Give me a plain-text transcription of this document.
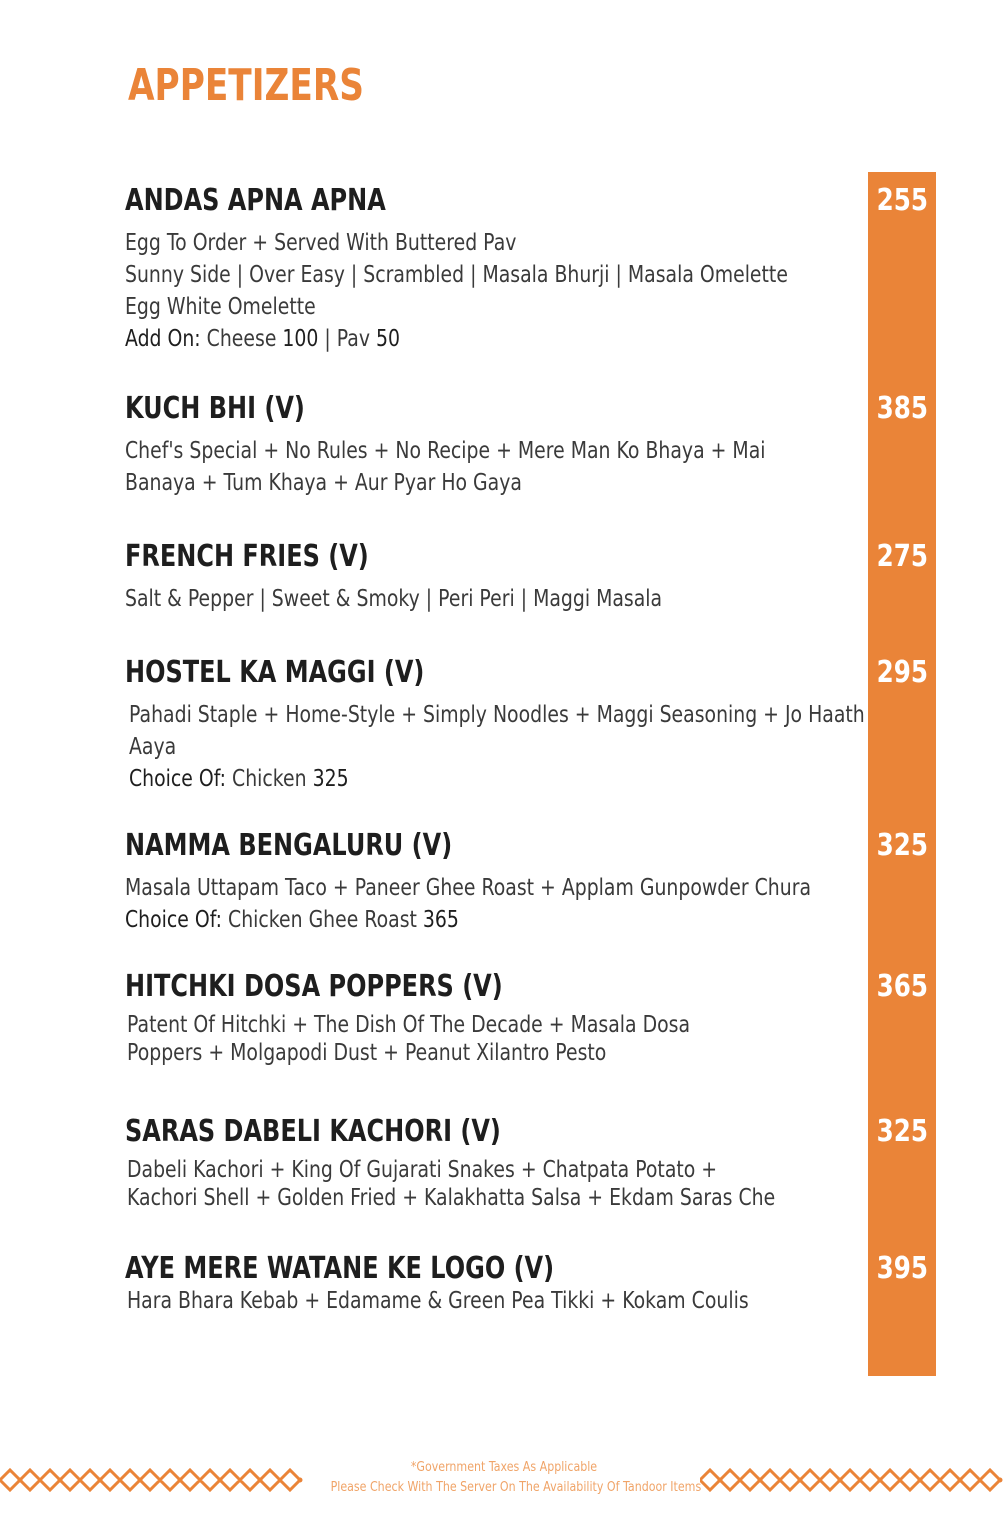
APPETIZERS
ANDAS APNA APNA	255
Egg To Order + Served With Buttered Pav
Sunny Side | Over Easy | Scrambled | Masala Bhurji | Masala Omelette
Egg White Omelette
Add On: Cheese 100 | Pav 50
KUCH BHI (V)	385
Chef's Special + No Rules + No Recipe + Mere Man Ko Bhaya + Mai
Banaya + Tum Khaya + Aur Pyar Ho Gaya
FRENCH FRIES (V)	275
Salt & Pepper | Sweet & Smoky | Peri Peri | Maggi Masala
HOSTEL KA MAGGI (V)	295
Pahadi Staple + Home-Style + Simply Noodles + Maggi Seasoning + Jo Haath
Aaya
Choice Of: Chicken 325
NAMMA BENGALURU (V)	325
Masala Uttapam Taco + Paneer Ghee Roast + Applam Gunpowder Chura
Choice Of: Chicken Ghee Roast 365
HITCHKI DOSA POPPERS (V)	365
Patent Of Hitchki + The Dish Of The Decade + Masala Dosa
Poppers + Molgapodi Dust + Peanut Xilantro Pesto
SARAS DABELI KACHORI (V)	325
Dabeli Kachori + King Of Gujarati Snakes + Chatpata Potato +
Kachori Shell + Golden Fried + Kalakhatta Salsa + Ekdam Saras Che
AYE MERE WATANE KE LOGO (V)	395
Hara Bhara Kebab + Edamame & Green Pea Tikki + Kokam Coulis
*Government Taxes As Applicable
Please Check With The Server On The Availability Of Tandoor Items
